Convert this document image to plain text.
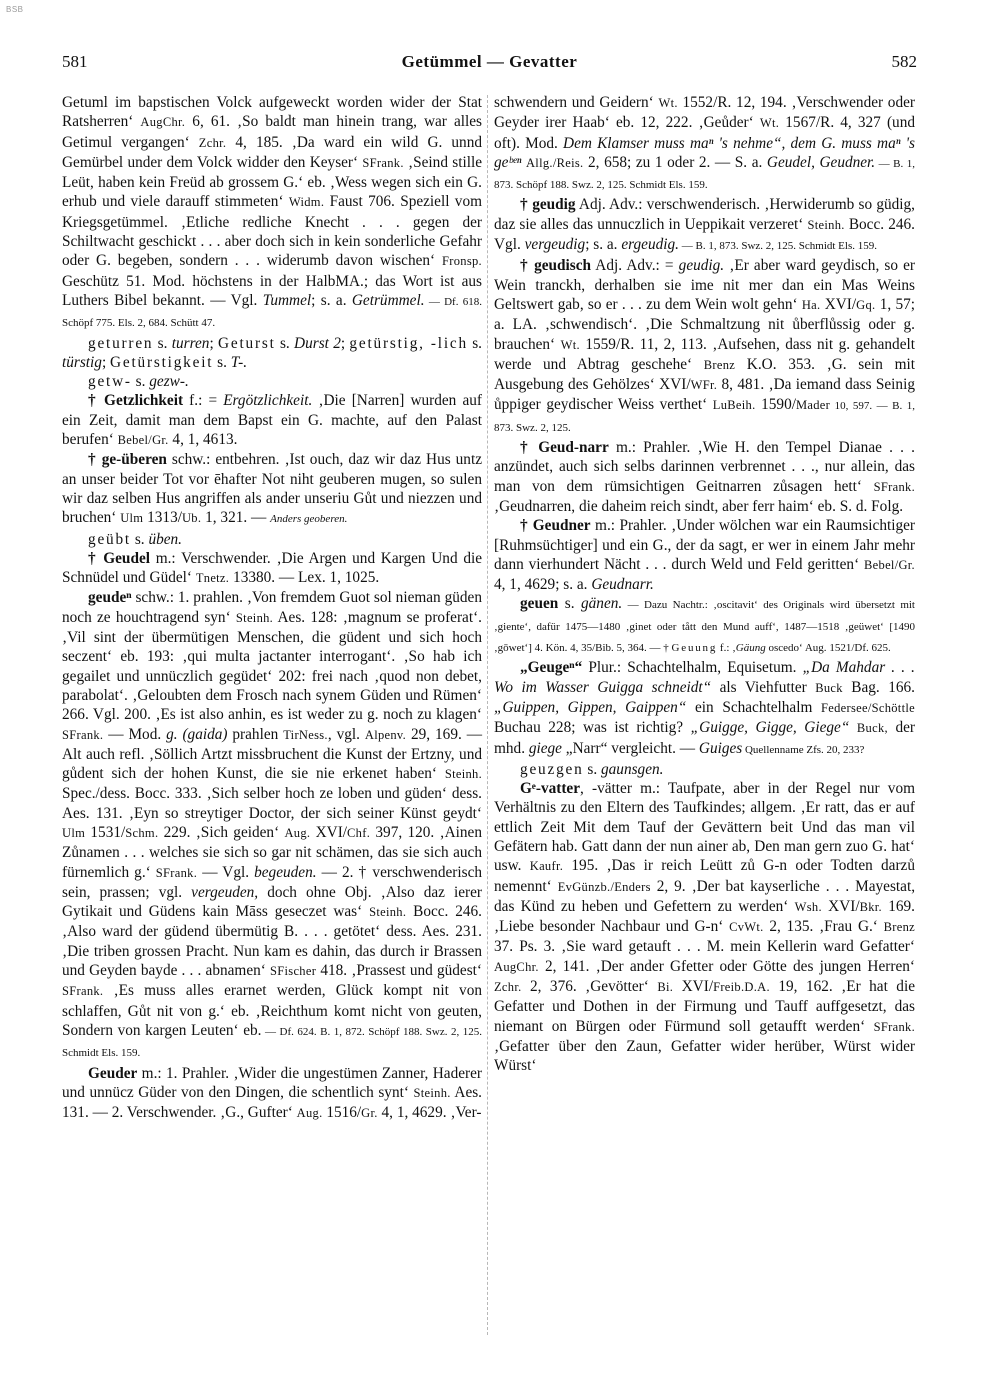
BSB
581	Getümmel — Gevatter	582

Getuml im bapstischen Volck aufgeweckt worden wider der Stat Ratsherren‘ AugChr. 6, 61. ‚So baldt man hinein trang, war alles Getimul vergangen‘ Zchr. 4, 185. ‚Da ward ein wild G. unnd Gemürbel under dem Volck widder den Keyser‘ SFrank. ‚Seind stille Leüt, haben kein Freüd ab grossem G.‘ eb. ‚Wess wegen sich ein G. erhub und viele darauff stimmeten‘ Widm. Faust 706. Speziell vom Kriegsgetümmel. ‚Etliche redliche Knecht . . . gegen der Schiltwacht geschickt . . . aber doch sich in kein sonderliche Gefahr oder G. begeben, sondern . . . widerumb davon wischen‘ Fronsp. Geschütz 51. Mod. höchstens in der HalbMA.; das Wort ist aus Luthers Bibel bekannt. — Vgl. Tummel; s. a. Getrümmel. — Df. 618. Schöpf 775. Els. 2, 684. Schütt 47.

geturren s. turren; Geturst s. Durst 2; getürstig, -lich s. türstig; Getürstigkeit s. T-.

getw- s. gezw-.

† Getzlichkeit f.: = Ergötzlichkeit. ‚Die [Narren] wurden auf ein Zeit, damit man dem Bapst ein G. machte, auf den Palast berufen‘ Bebel/Gr. 4, 1, 4613.

† ge-überen schw.: entbehren. ‚Ist ouch, daz wir daz Hus untz an unser beider Tot vor ēhafter Not niht geuberen mugen, so sulen wir daz selben Hus angriffen als ander unseriu Gůt und niezzen und bruchen‘ Ulm 1313/Ub. 1, 321. — Anders geoberen.

geübt s. üben.

† Geudel m.: Verschwender. ‚Die Argen und Kargen Und die Schnüdel und Güdel‘ Tnetz. 13380. — Lex. 1, 1025.

geudeⁿ schw.: 1. prahlen. ‚Von fremdem Guot sol nieman güden noch ze houchtragend syn‘ Steinh. Aes. 128: ‚magnum se proferat‘. ‚Vil sint der übermütigen Menschen, die güdent und sich hoch seczent‘ eb. 193: ‚qui multa jactanter interrogant‘. ‚So hab ich gegailet und unnüczlich gegüdet‘ 202: frei nach ‚quod non debet, parabolat‘. ‚Geloubten dem Frosch nach synem Güden und Rümen‘ 266. Vgl. 200. ‚Es ist also anhin, es ist weder zu g. noch zu klagen‘ SFrank. — Mod. g. (gaida) prahlen TirNess., vgl. Alpenv. 29, 169. — Alt auch refl. ‚Söllich Artzt missbruchent die Kunst der Ertzny, und gůdent sich der hohen Kunst, die sie nie erkenet haben‘ Steinh. Spec./dess. Bocc. 333. ‚Sich selber hoch ze loben und güden‘ dess. Aes. 131. ‚Eyn so streytiger Doctor, der sich seiner Künst geydt‘ Ulm 1531/Schm. 229. ‚Sich geiden‘ Aug. XVI/Chf. 397, 120. ‚Ainen Zůnamen . . . welches sie sich so gar nit schämen, das sie sich auch fürnemlich g.‘ SFrank. — Vgl. begeuden. — 2. † verschwenderisch sein, prassen; vgl. vergeuden, doch ohne Obj. ‚Also daz ierer Gytikait und Güdens kain Māss geseczet was‘ Steinh. Bocc. 246. ‚Also ward der güdend übermütig B. . . . getötet‘ dess. Aes. 231. ‚Die triben grossen Pracht. Nun kam es dahin, das durch ir Brassen und Geyden bayde . . . abnamen‘ SFischer 418. ‚Prassest und güdest‘ SFrank. ‚Es muss alles erarnet werden, Glück kompt nit von schlaffen, Gůt nit von g.‘ eb. ‚Reichthum komt nicht von geuten, Sondern von kargen Leuten‘ eb. — Df. 624. B. 1, 872. Schöpf 188. Swz. 2, 125. Schmidt Els. 159.

Geuder m.: 1. Prahler. ‚Wider die ungestümen Zanner, Haderer und unnücz Güder von den Dingen, die schentlich synt‘ Steinh. Aes. 131. — 2. Verschwender. ‚G., Gufter‘ Aug. 1516/Gr. 4, 1, 4629. ‚Ver-

schwendern und Geidern‘ Wt. 1552/R. 12, 194. ‚Verschwender oder Geyder irer Haab‘ eb. 12, 222. ‚Geůder‘ Wt. 1567/R. 4, 327 (und oft). Mod. Dem Klamser muss maⁿ 's nehme“, dem G. muss maⁿ 's geᵇᵉⁿ Allg./Reis. 2, 658; zu 1 oder 2. — S. a. Geudel, Geudner. — B. 1, 873. Schöpf 188. Swz. 2, 125. Schmidt Els. 159.

† geudig Adj. Adv.: verschwenderisch. ‚Herwiderumb so güdig, daz sie alles das unnuczlich in Ueppikait verzeret‘ Steinh. Bocc. 246. Vgl. vergeudig; s. a. ergeudig. — B. 1, 873. Swz. 2, 125. Schmidt Els. 159.

† geudisch Adj. Adv.: = geudig. ‚Er aber ward geydisch, so er Wein tranckh, derhalben sie ime nit mer dan ein Mas Weins Geltswert gab, so er . . . zu dem Wein wolt gehn‘ Ha. XVI/Gq. 1, 57; a. LA. ‚schwendisch‘. ‚Die Schmaltzung nit ůberflůssig oder g. brauchen‘ Wt. 1559/R. 11, 2, 113. ‚Aufsehen, dass nit g. gehandelt werde und Abtrag geschehe‘ Brenz K.O. 353. ‚G. sein mit Ausgebung des Gehölzes‘ XVI/WFr. 8, 481. ‚Da iemand dass Seinig ůppiger geydischer Weiss verthet‘ LuBeih. 1590/Mader 10, 597. — B. 1, 873. Swz. 2, 125.

† Geud-narr m.: Prahler. ‚Wie H. den Tempel Dianae . . . anzündet, auch sich selbs darinnen verbrennet . . ., nur allein, das man von dem rümsichtigen Geitnarren zůsagen hett‘ SFrank. ‚Geudnarren, die daheim reich sindt, aber ferr haim‘ eb. S. d. Folg.

† Geudner m.: Prahler. ‚Under wölchen war ein Raumsichtiger [Ruhmsüchtiger] und ein G., der da sagt, er wer in einem Jahr mehr dann vierhundert Nächt . . . durch Weld und Feld geritten‘ Bebel/Gr. 4, 1, 4629; s. a. Geudnarr.

geuen s. gänen. — Dazu Nachtr.: ‚oscitavit‘ des Originals wird übersetzt mit ‚giente‘, dafür 1475—1480 ‚ginet oder tått den Mund auff‘, 1487—1518 ‚geüwet‘ [1490 ‚gōwet‘] 4. Kön. 4, 35/Bib. 5, 364. — † Geuung f.: ‚Gäung oscedo‘ Aug. 1521/Df. 625.

„Geugeⁿ“ Plur.: Schachtelhalm, Equisetum. „Da Mahdar . . . Wo im Wasser Guigga schneidt“ als Viehfutter Buck Bag. 166. „Guippen, Gippen, Gaippen“ ein Schachtelhalm Federsee/Schöttle Buchau 228; was ist richtig? „Guigge, Gigge, Giege“ Buck, der mhd. giege „Narr“ vergleicht. — Guiges Quellenname Zfs. 20, 233?

geuzgen s. gaunsgen.

Gᵉ-vatter, -vätter m.: Taufpate, aber in der Regel nur vom Verhältnis zu den Eltern des Taufkindes; allgem. ‚Er ratt, das er auf ettlich Zeit Mit dem Tauf der Gevättern beit Und das man vil Gefätern hab. Gatt dann der nun ainer ab, Den man gern zuo G. hat‘ usw. Kaufr. 195. ‚Das ir reich Leütt zů G-n oder Todten darzů nemennt‘ EvGünzb./Enders 2, 9. ‚Der bat kayserliche . . . Mayestat, das Künd zu heben und Gefettern zu werden‘ Wsh. XVI/Bkr. 169. ‚Liebe besonder Nachbaur und G-n‘ CvWt. 2, 135. ‚Frau G.‘ Brenz 37. Ps. 3. ‚Sie ward getauft . . . M. mein Kellerin ward Gefatter‘ AugChr. 2, 141. ‚Der ander Gfetter oder Götte des jungen Herren‘ Zchr. 2, 376. ‚Gevötter‘ Bi. XVI/Freib.D.A. 19, 162. ‚Er hat die Gefatter und Dothen in der Firmung und Tauff auffgesetzt, das niemant on Bürgen oder Fürmund soll getaufft werden‘ SFrank. ‚Gefatter über den Zaun, Gefatter wider herüber, Würst wider Würst‘
